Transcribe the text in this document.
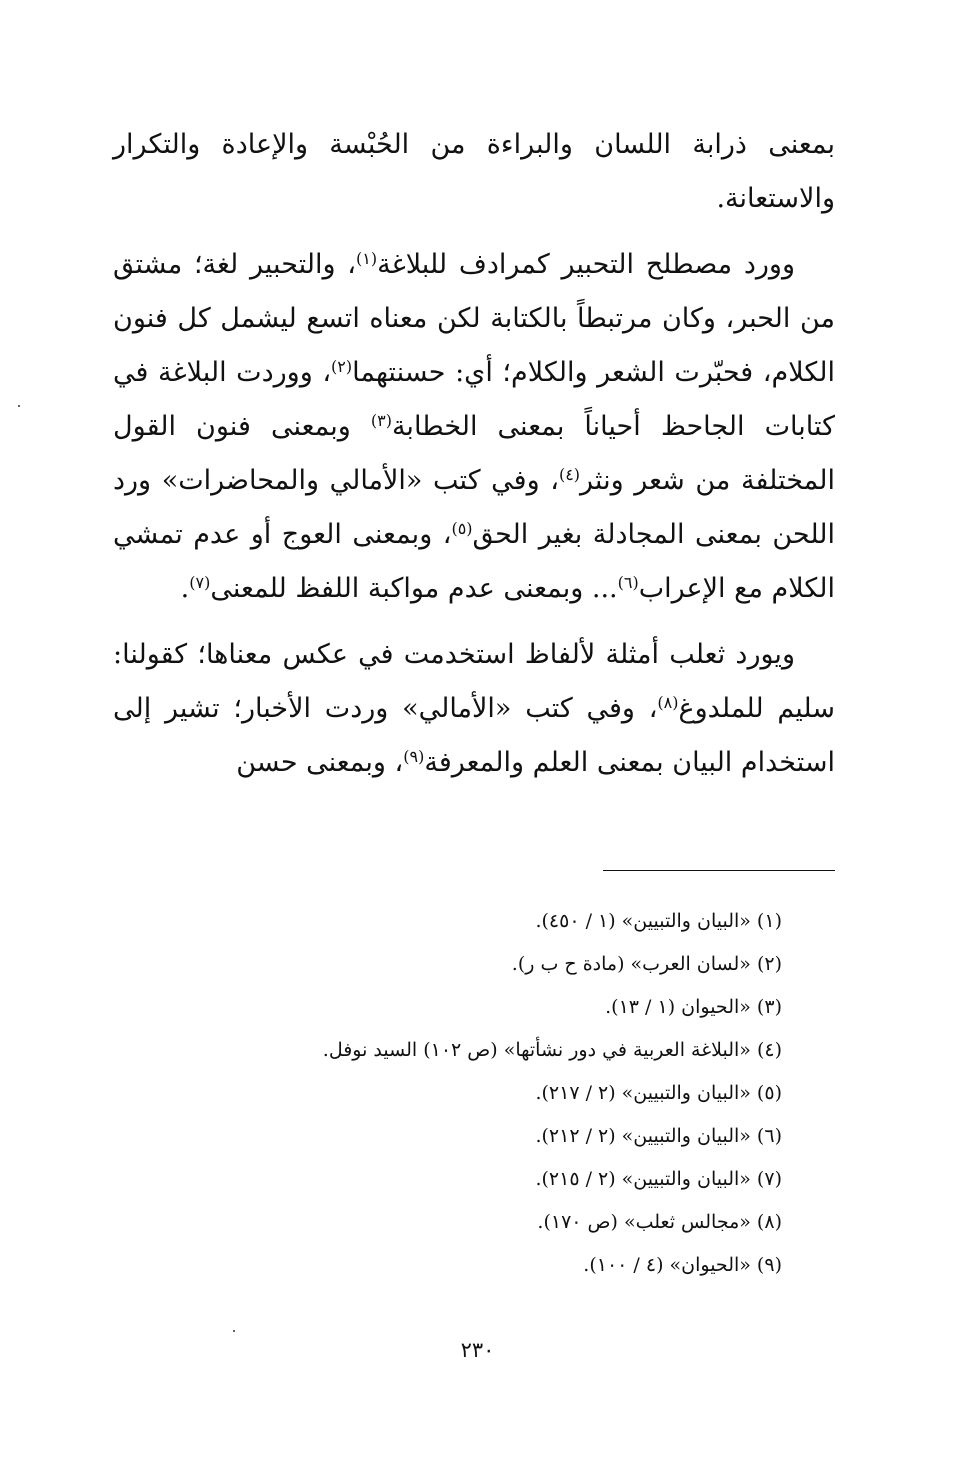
بمعنى ذرابة اللسان والبراءة من الحُبْسة والإعادة والتكرار والاستعانة.

وورد مصطلح التحبير كمرادف للبلاغة$^{(١)}$، والتحبير لغة؛ مشتق من الحبر، وكان مرتبطاً بالكتابة لكن معناه اتسع ليشمل كل فنون الكلام، فحبّرت الشعر والكلام؛ أي: حسنتهما$^{(٢)}$، ووردت البلاغة في كتابات الجاحظ أحياناً بمعنى الخطابة$^{(٣)}$ وبمعنى فنون القول المختلفة من شعر ونثر$^{(٤)}$، وفي كتب «الأمالي والمحاضرات» ورد اللحن بمعنى المجادلة بغير الحق$^{(٥)}$، وبمعنى العوج أو عدم تمشي الكلام مع الإعراب$^{(٦)}$... وبمعنى عدم مواكبة اللفظ للمعنى$^{(٧)}$.

ويورد ثعلب أمثلة لألفاظ استخدمت في عكس معناها؛ كقولنا: سليم للملدوغ$^{(٨)}$، وفي كتب «الأمالي» وردت الأخبار؛ تشير إلى استخدام البيان بمعنى العلم والمعرفة$^{(٩)}$، وبمعنى حسن

(١) «البيان والتبيين» (١ / ٤٥٠).
(٢) «لسان العرب» (مادة ح ب ر).
(٣) «الحيوان (١ / ١٣).
(٤) «البلاغة العربية في دور نشأتها» (ص ١٠٢) السيد نوفل.
(٥) «البيان والتبيين» (٢ / ٢١٧).
(٦) «البيان والتبيين» (٢ / ٢١٢).
(٧) «البيان والتبيين» (٢ / ٢١٥).
(٨) «مجالس ثعلب» (ص ١٧٠).
(٩) «الحيوان» (٤ / ١٠٠).
٢٣٠
